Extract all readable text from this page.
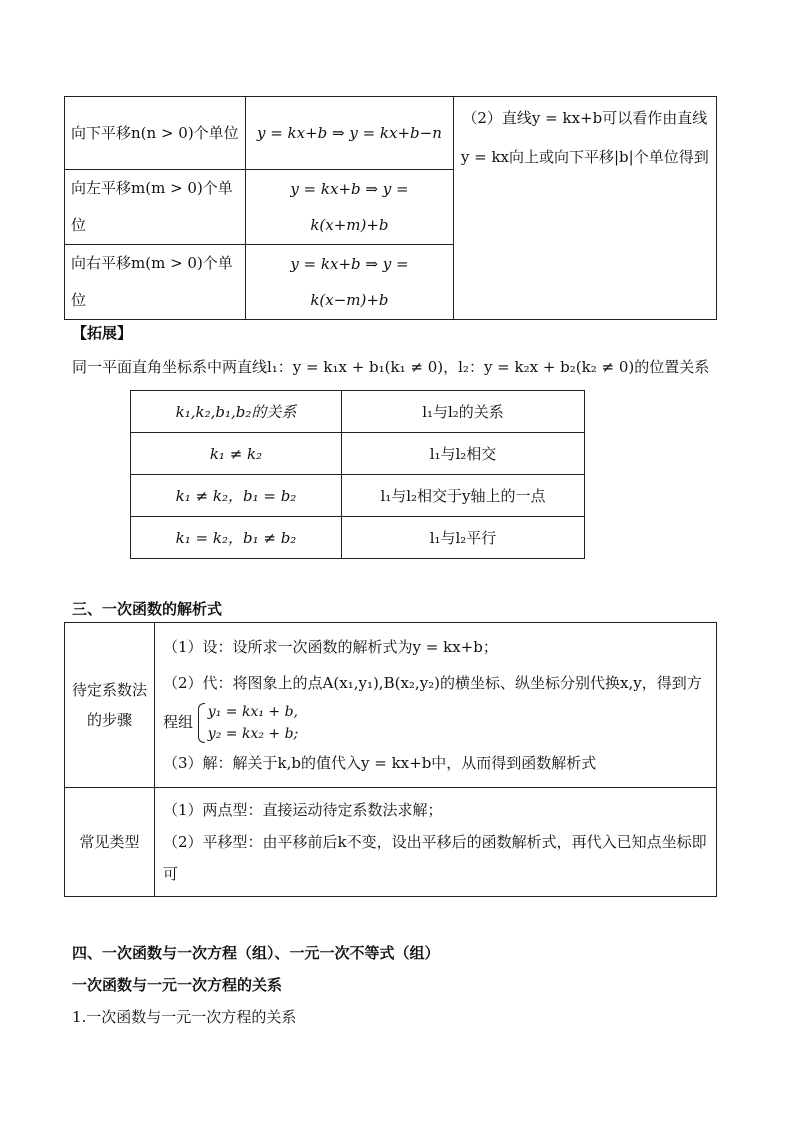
向下平移n(n > 0)个单位	y = kx+b ⇒ y = kx+b−n	（2）直线y = kx+b可以看作由直线y = kx向上或向下平移|b|个单位得到
向左平移m(m > 0)个单位	y = kx+b ⇒ y = k(x+m)+b	
向右平移m(m > 0)个单位	y = kx+b ⇒ y = k(x−m)+b	
【拓展】
同一平面直角坐标系中两直线l₁：y = k₁x + b₁(k₁ ≠ 0)，l₂：y = k₂x + b₂(k₂ ≠ 0)的位置关系
k₁,k₂,b₁,b₂的关系	l₁与l₂的关系
k₁ ≠ k₂	l₁与l₂相交
k₁ ≠ k₂，b₁ = b₂	l₁与l₂相交于y轴上的一点
k₁ = k₂，b₁ ≠ b₂	l₁与l₂平行
三、一次函数的解析式
待定系数法的步骤	（1）设：设所求一次函数的解析式为y = kx+b；
（2）代：将图象上的点A(x₁,y₁),B(x₂,y₂)的横坐标、纵坐标分别代换x,y，得到方程组
y₁ = kx₁ + b,
y₂ = kx₂ + b;
（3）解：解关于k,b的值代入y = kx+b中，从而得到函数解析式

常见类型	（1）两点型：直接运动待定系数法求解；
（2）平移型：由平移前后k不变，设出平移后的函数解析式，再代入已知点坐标即可
四、一次函数与一次方程（组）、一元一次不等式（组）
一次函数与一元一次方程的关系
1.一次函数与一元一次方程的关系
